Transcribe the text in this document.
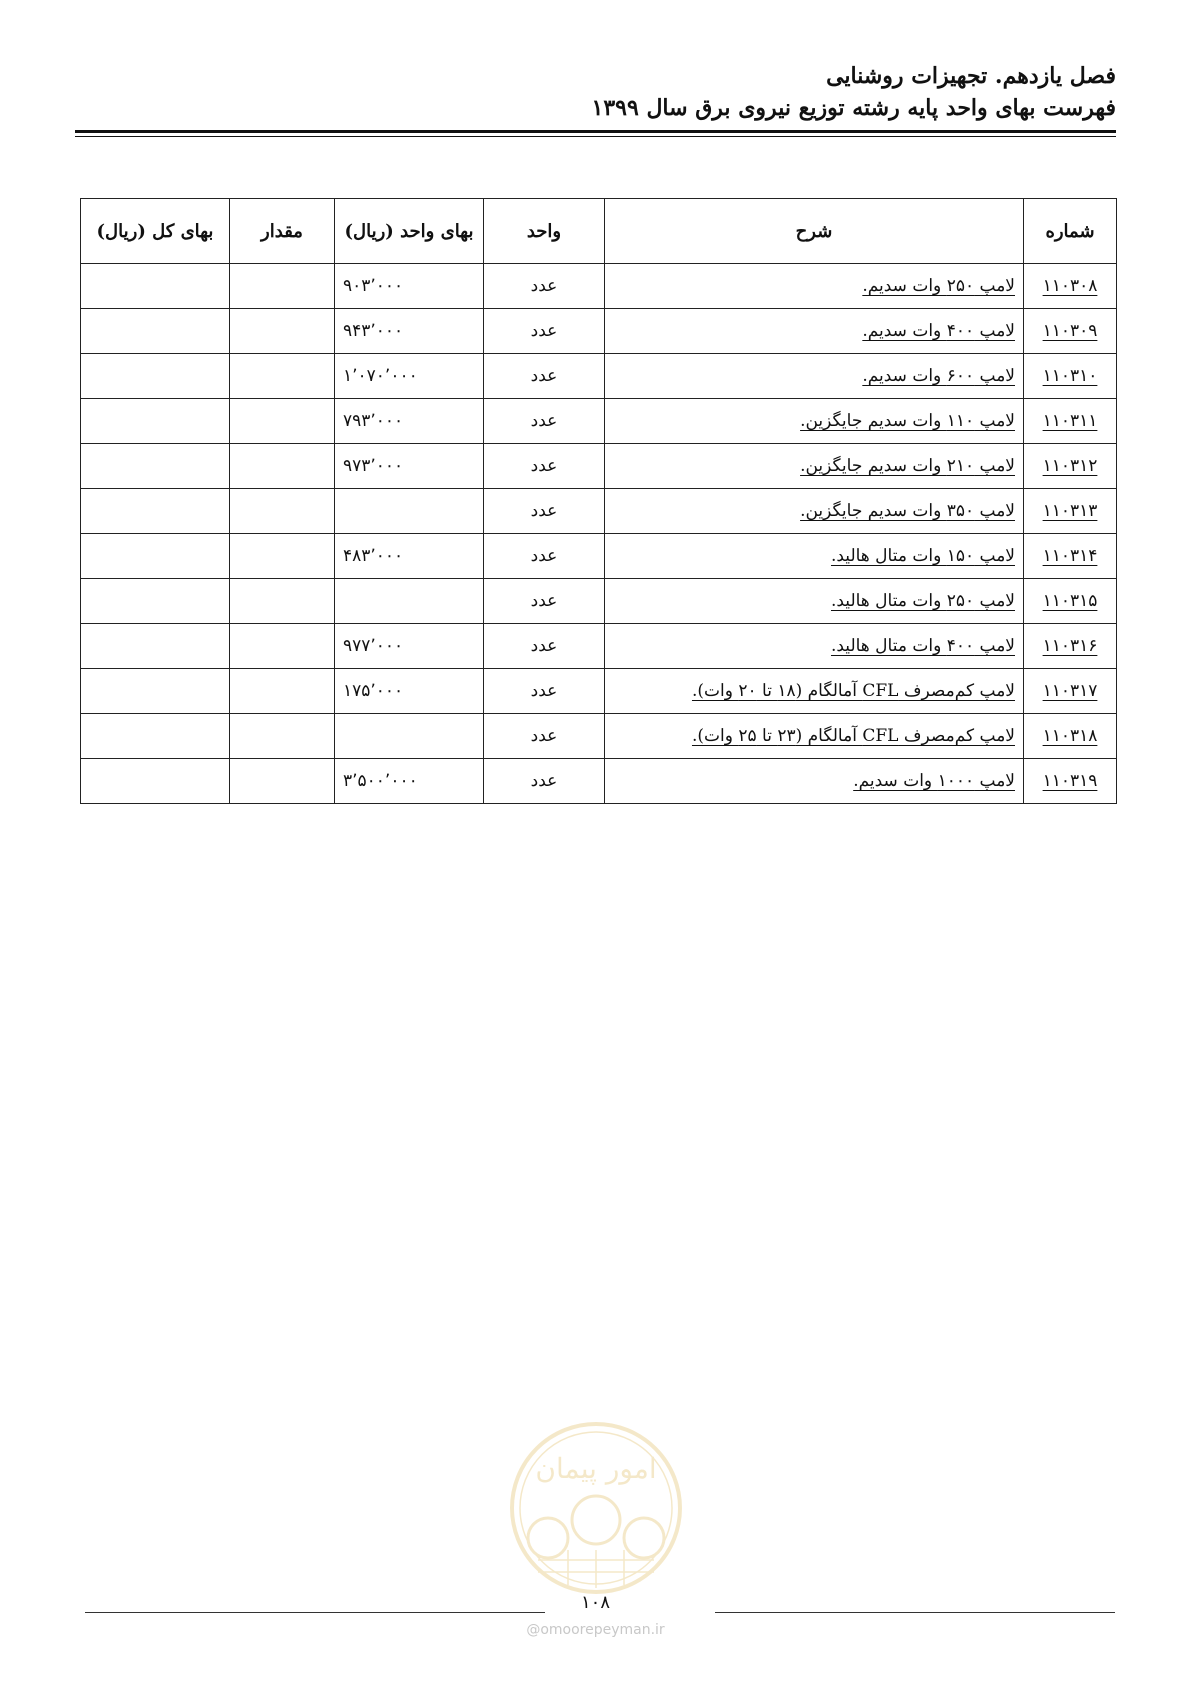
فصل یازدهم. تجهیزات روشنایی
فهرست بهای واحد پایه رشته توزیع نیروی برق سال ۱۳۹۹
شماره	شرح	واحد	بهای واحد (ریال)	مقدار	بهای کل (ریال)
۱۱۰۳۰۸	لامپ ۲۵۰ وات سدیم.	عدد	۹۰۳٬۰۰۰		
۱۱۰۳۰۹	لامپ ۴۰۰ وات سدیم.	عدد	۹۴۳٬۰۰۰		
۱۱۰۳۱۰	لامپ ۶۰۰ وات سدیم.	عدد	۱٬۰۷۰٬۰۰۰		
۱۱۰۳۱۱	لامپ ۱۱۰ وات سدیم جایگزین.	عدد	۷۹۳٬۰۰۰		
۱۱۰۳۱۲	لامپ ۲۱۰ وات سدیم جایگزین.	عدد	۹۷۳٬۰۰۰		
۱۱۰۳۱۳	لامپ ۳۵۰ وات سدیم جایگزین.	عدد			
۱۱۰۳۱۴	لامپ ۱۵۰ وات متال هالید.	عدد	۴۸۳٬۰۰۰		
۱۱۰۳۱۵	لامپ ۲۵۰ وات متال هالید.	عدد			
۱۱۰۳۱۶	لامپ ۴۰۰ وات متال هالید.	عدد	۹۷۷٬۰۰۰		
۱۱۰۳۱۷	لامپ کم‌مصرف CFL آمالگام (۱۸ تا ۲۰ وات).	عدد	۱۷۵٬۰۰۰		
۱۱۰۳۱۸	لامپ کم‌مصرف CFL آمالگام (۲۳ تا ۲۵ وات).	عدد			
۱۱۰۳۱۹	لامپ ۱۰۰۰ وات سدیم.	عدد	۳٬۵۰۰٬۰۰۰		
امور پیمان
۱۰۸
@omoorepeyman.ir
